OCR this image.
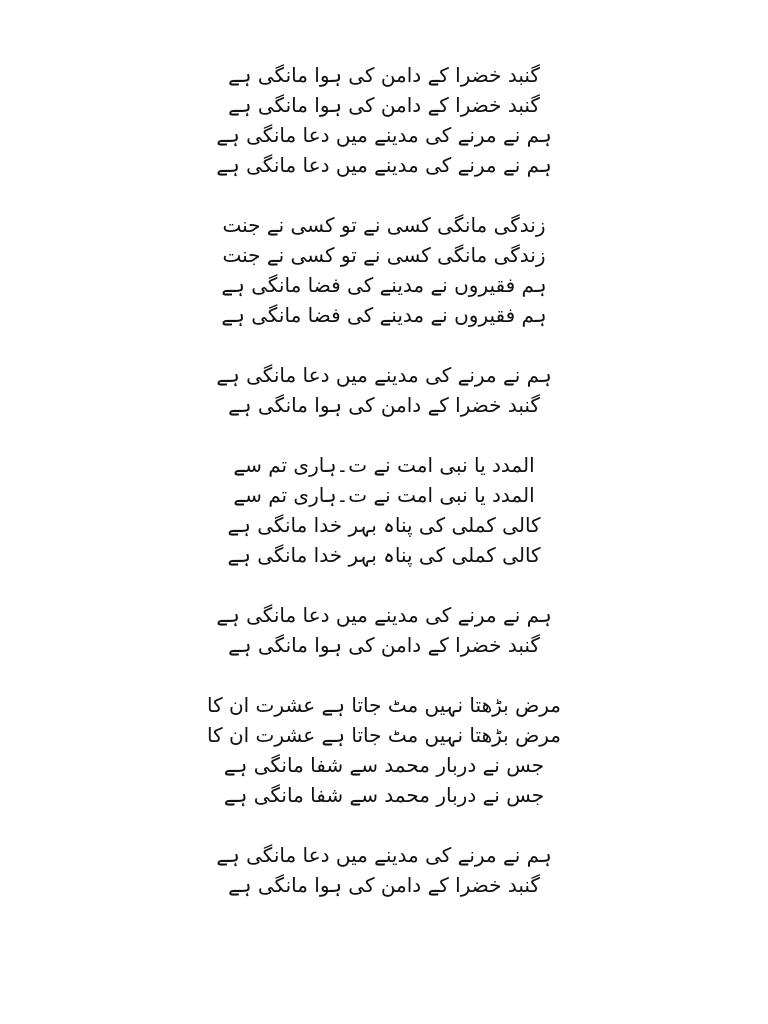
گنبد خضرا کے دامن کی ہوا مانگی ہے
گنبد خضرا کے دامن کی ہوا مانگی ہے
ہم نے مرنے کی مدینے میں دعا مانگی ہے
ہم نے مرنے کی مدینے میں دعا مانگی ہے
زندگی مانگی کسی نے تو کسی نے جنت
زندگی مانگی کسی نے تو کسی نے جنت
ہم فقیروں نے مدینے کی فضا مانگی ہے
ہم فقیروں نے مدینے کی فضا مانگی ہے
ہم نے مرنے کی مدینے میں دعا مانگی ہے
گنبد خضرا کے دامن کی ہوا مانگی ہے
المدد یا نبی امت نے ت۔ہاری تم سے
المدد یا نبی امت نے ت۔ہاری تم سے
کالی کملی کی پناہ بہر خدا مانگی ہے
کالی کملی کی پناہ بہر خدا مانگی ہے
ہم نے مرنے کی مدینے میں دعا مانگی ہے
گنبد خضرا کے دامن کی ہوا مانگی ہے
مرض بڑھتا نہیں مٹ جاتا ہے عشرت ان کا
مرض بڑھتا نہیں مٹ جاتا ہے عشرت ان کا
جس نے دربار محمد سے شفا مانگی ہے
جس نے دربار محمد سے شفا مانگی ہے
ہم نے مرنے کی مدینے میں دعا مانگی ہے
گنبد خضرا کے دامن کی ہوا مانگی ہے
